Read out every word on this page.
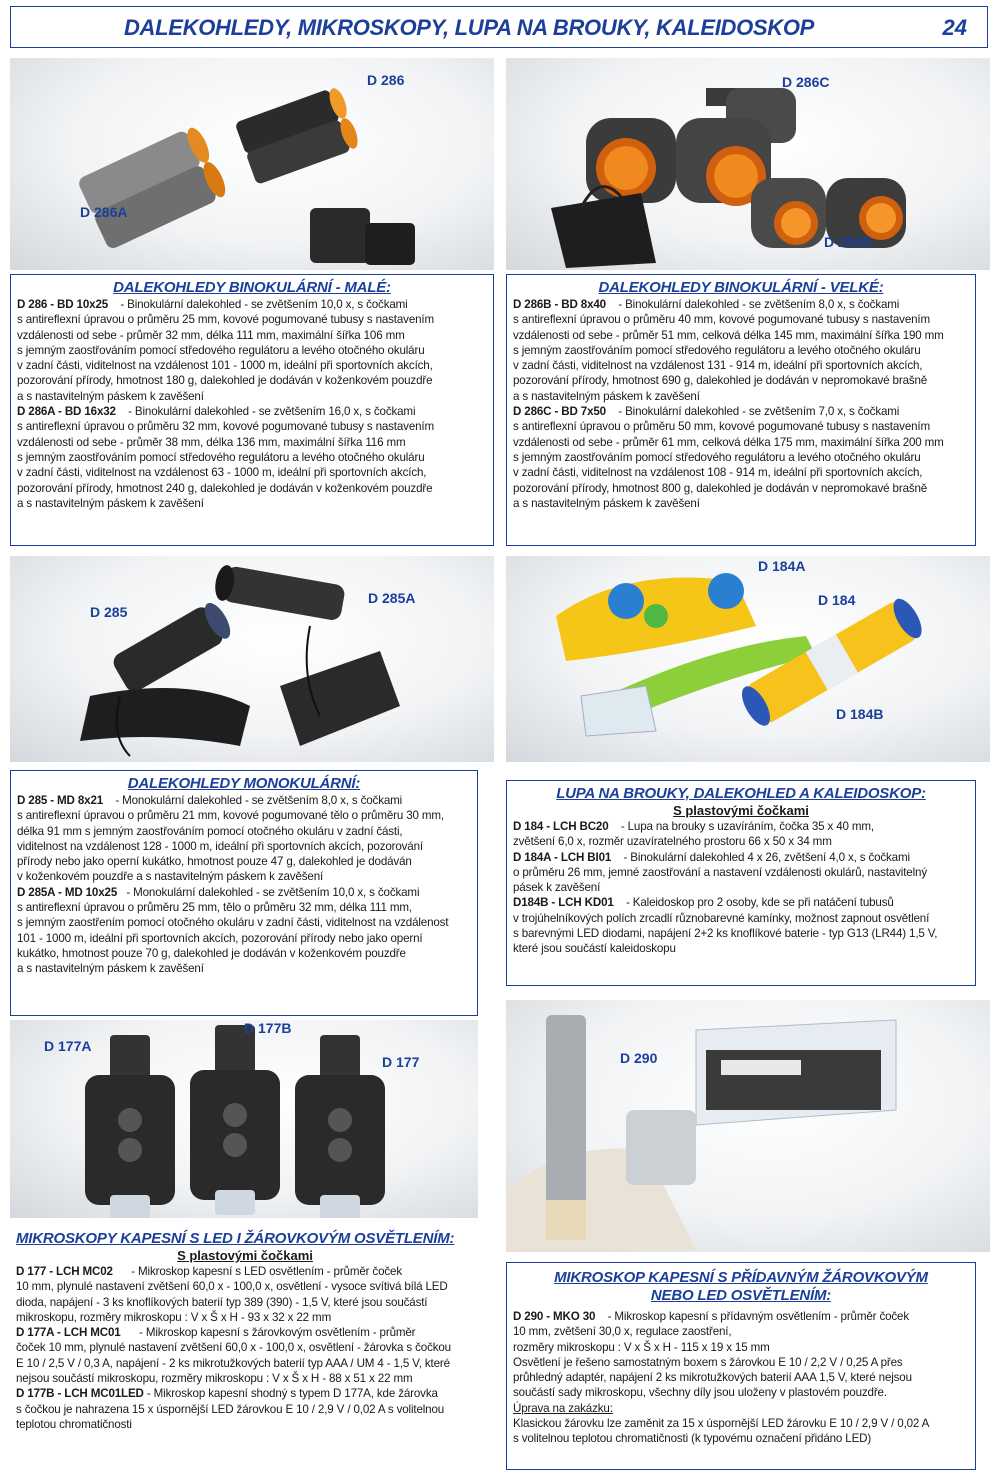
DALEKOHLEDY, MIKROSKOPY, LUPA NA BROUKY, KALEIDOSKOP	24
D 286
D 286A
D 286C
D 286B
DALEKOHLEDY BINOKULÁRNÍ - MALÉ:

D 286 - BD 10x25 - Binokulární dalekohled - se zvětšením 10,0 x, s čočkami

s antireflexní úpravou o průměru 25 mm, kovové pogumované tubusy s nastavením

vzdálenosti od sebe - průměr 32 mm, délka 111 mm, maximální šířka 106 mm

s jemným zaostřováním pomocí středového regulátoru a levého otočného okuláru

v zadní části, viditelnost na vzdálenost 101 - 1000 m, ideální při sportovních akcích,

pozorování přírody, hmotnost 180 g, dalekohled je dodáván v koženkovém pouzdře

a s nastavitelným páskem k zavěšení

D 286A - BD 16x32 - Binokulární dalekohled - se zvětšením 16,0 x, s čočkami

s antireflexní úpravou o průměru 32 mm, kovové pogumované tubusy s nastavením

vzdálenosti od sebe - průměr 38 mm, délka 136 mm, maximální šířka 116 mm

s jemným zaostřováním pomocí středového regulátoru a levého otočného okuláru

v zadní části, viditelnost na vzdálenost 63 - 1000 m, ideální při sportovních akcích,

pozorování přírody, hmotnost 240 g, dalekohled je dodáván v koženkovém pouzdře

a s nastavitelným páskem k zavěšení

DALEKOHLEDY BINOKULÁRNÍ - VELKÉ:

D 286B - BD 8x40 - Binokulární dalekohled - se zvětšením 8,0 x, s čočkami

s antireflexní úpravou o průměru 40 mm, kovové pogumované tubusy s nastavením

vzdálenosti od sebe - průměr 51 mm, celková délka 145 mm, maximální šířka 190 mm

s jemným zaostřováním pomocí středového regulátoru a levého otočného okuláru

v zadní části, viditelnost na vzdálenost 131 - 914 m, ideální při sportovních akcích,

pozorování přírody, hmotnost 690 g, dalekohled je dodáván v nepromokavé brašně

a s nastavitelným páskem k zavěšení

D 286C - BD 7x50 - Binokulární dalekohled - se zvětšením 7,0 x, s čočkami

s antireflexní úpravou o průměru 50 mm, kovové pogumované tubusy s nastavením

vzdálenosti od sebe - průměr 61 mm, celková délka 175 mm, maximální šířka 200 mm

s jemným zaostřováním pomocí středového regulátoru a levého otočného okuláru

v zadní části, viditelnost na vzdálenost 108 - 914 m, ideální při sportovních akcích,

pozorování přírody, hmotnost 800 g, dalekohled je dodáván v nepromokavé brašně

a s nastavitelným páskem k zavěšení

D 285
D 285A
D 184A
D 184
D 184B
DALEKOHLEDY MONOKULÁRNÍ:

D 285 - MD 8x21 - Monokulární dalekohled - se zvětšením 8,0 x, s čočkami

s antireflexní úpravou o průměru 21 mm, kovové pogumované tělo o průměru 30 mm,

délka 91 mm s jemným zaostřováním pomocí otočného okuláru v zadní části,

viditelnost na vzdálenost 128 - 1000 m, ideální při sportovních akcích, pozorování

přírody nebo jako operní kukátko, hmotnost pouze 47 g, dalekohled je dodáván

v koženkovém pouzdře a s nastavitelným páskem k zavěšení

D 285A - MD 10x25 - Monokulární dalekohled - se zvětšením 10,0 x, s čočkami

s antireflexní úpravou o průměru 25 mm, tělo o průměru 32 mm, délka 111 mm,

s jemným zaostřením pomocí otočného okuláru v zadní části, viditelnost na vzdálenost

101 - 1000 m, ideální při sportovních akcích, pozorování přírody nebo jako operní

kukátko, hmotnost pouze 70 g, dalekohled je dodáván v koženkovém pouzdře

a s nastavitelným páskem k zavěšení

LUPA NA BROUKY, DALEKOHLED A KALEIDOSKOP:
S plastovými čočkami

D 184 - LCH BC20 - Lupa na brouky s uzavíráním, čočka 35 x 40 mm,

zvětšení 6,0 x, rozměr uzavíratelného prostoru 66 x 50 x 34 mm

D 184A - LCH BI01 - Binokulární dalekohled 4 x 26, zvětšení 4,0 x, s čočkami

o průměru 26 mm, jemné zaostřování a nastavení vzdálenosti okulárů, nastavitelný

pásek k zavěšení

D184B - LCH KD01 - Kaleidoskop pro 2 osoby, kde se při natáčení tubusů

v trojúhelníkových polích zrcadlí různobarevné kamínky, možnost zapnout osvětlení

s barevnými LED diodami, napájení 2+2 ks knoflíkové baterie - typ G13 (LR44) 1,5 V,

které jsou součástí kaleidoskopu

D 177A
D 177B
D 177	D 290
MIKROSKOPY KAPESNÍ S LED I ŽÁROVKOVÝM OSVĚTLENÍM:
S plastovými čočkami

D 177 - LCH MC02 - Mikroskop kapesní s LED osvětlením - průměr čoček

10 mm, plynulé nastavení zvětšení 60,0 x - 100,0 x, osvětlení - vysoce svítivá bílá LED

dioda, napájení - 3 ks knoflíkových baterií typ 389 (390) - 1,5 V, které jsou součástí

mikroskopu, rozměry mikroskopu : V x Š x H - 93 x 32 x 22 mm

D 177A - LCH MC01 - Mikroskop kapesní s žárovkovým osvětlením - průměr

čoček 10 mm, plynulé nastavení zvětšení 60,0 x - 100,0 x, osvětlení - žárovka s čočkou

E 10 / 2,5 V / 0,3 A, napájení - 2 ks mikrotužkových baterií typ AAA / UM 4 - 1,5 V, které

nejsou součástí mikroskopu, rozměry mikroskopu : V x Š x H - 88 x 51 x 22 mm

D 177B - LCH MC01LED - Mikroskop kapesní shodný s typem D 177A, kde žárovka

s čočkou je nahrazena 15 x úspornější LED žárovkou E 10 / 2,9 V / 0,02 A s volitelnou

teplotou chromatičnosti

MIKROSKOP KAPESNÍ S PŘÍDAVNÝM ŽÁROVKOVÝM
NEBO LED OSVĚTLENÍM:

D 290 - MKO 30 - Mikroskop kapesní s přídavným osvětlením - průměr čoček

10 mm, zvětšení 30,0 x, regulace zaostření,

rozměry mikroskopu : V x Š x H - 115 x 19 x 15 mm

Osvětlení je řešeno samostatným boxem s žárovkou E 10 / 2,2 V / 0,25 A přes

průhledný adaptér, napájení 2 ks mikrotužkových baterií AAA 1,5 V, které nejsou

součástí sady mikroskopu, všechny díly jsou uloženy v plastovém pouzdře.

Úprava na zakázku:

Klasickou žárovku lze zaměnit za 15 x úspornější LED žárovku E 10 / 2,9 V / 0,02 A

s volitelnou teplotou chromatičnosti (k typovému označení přidáno LED)
